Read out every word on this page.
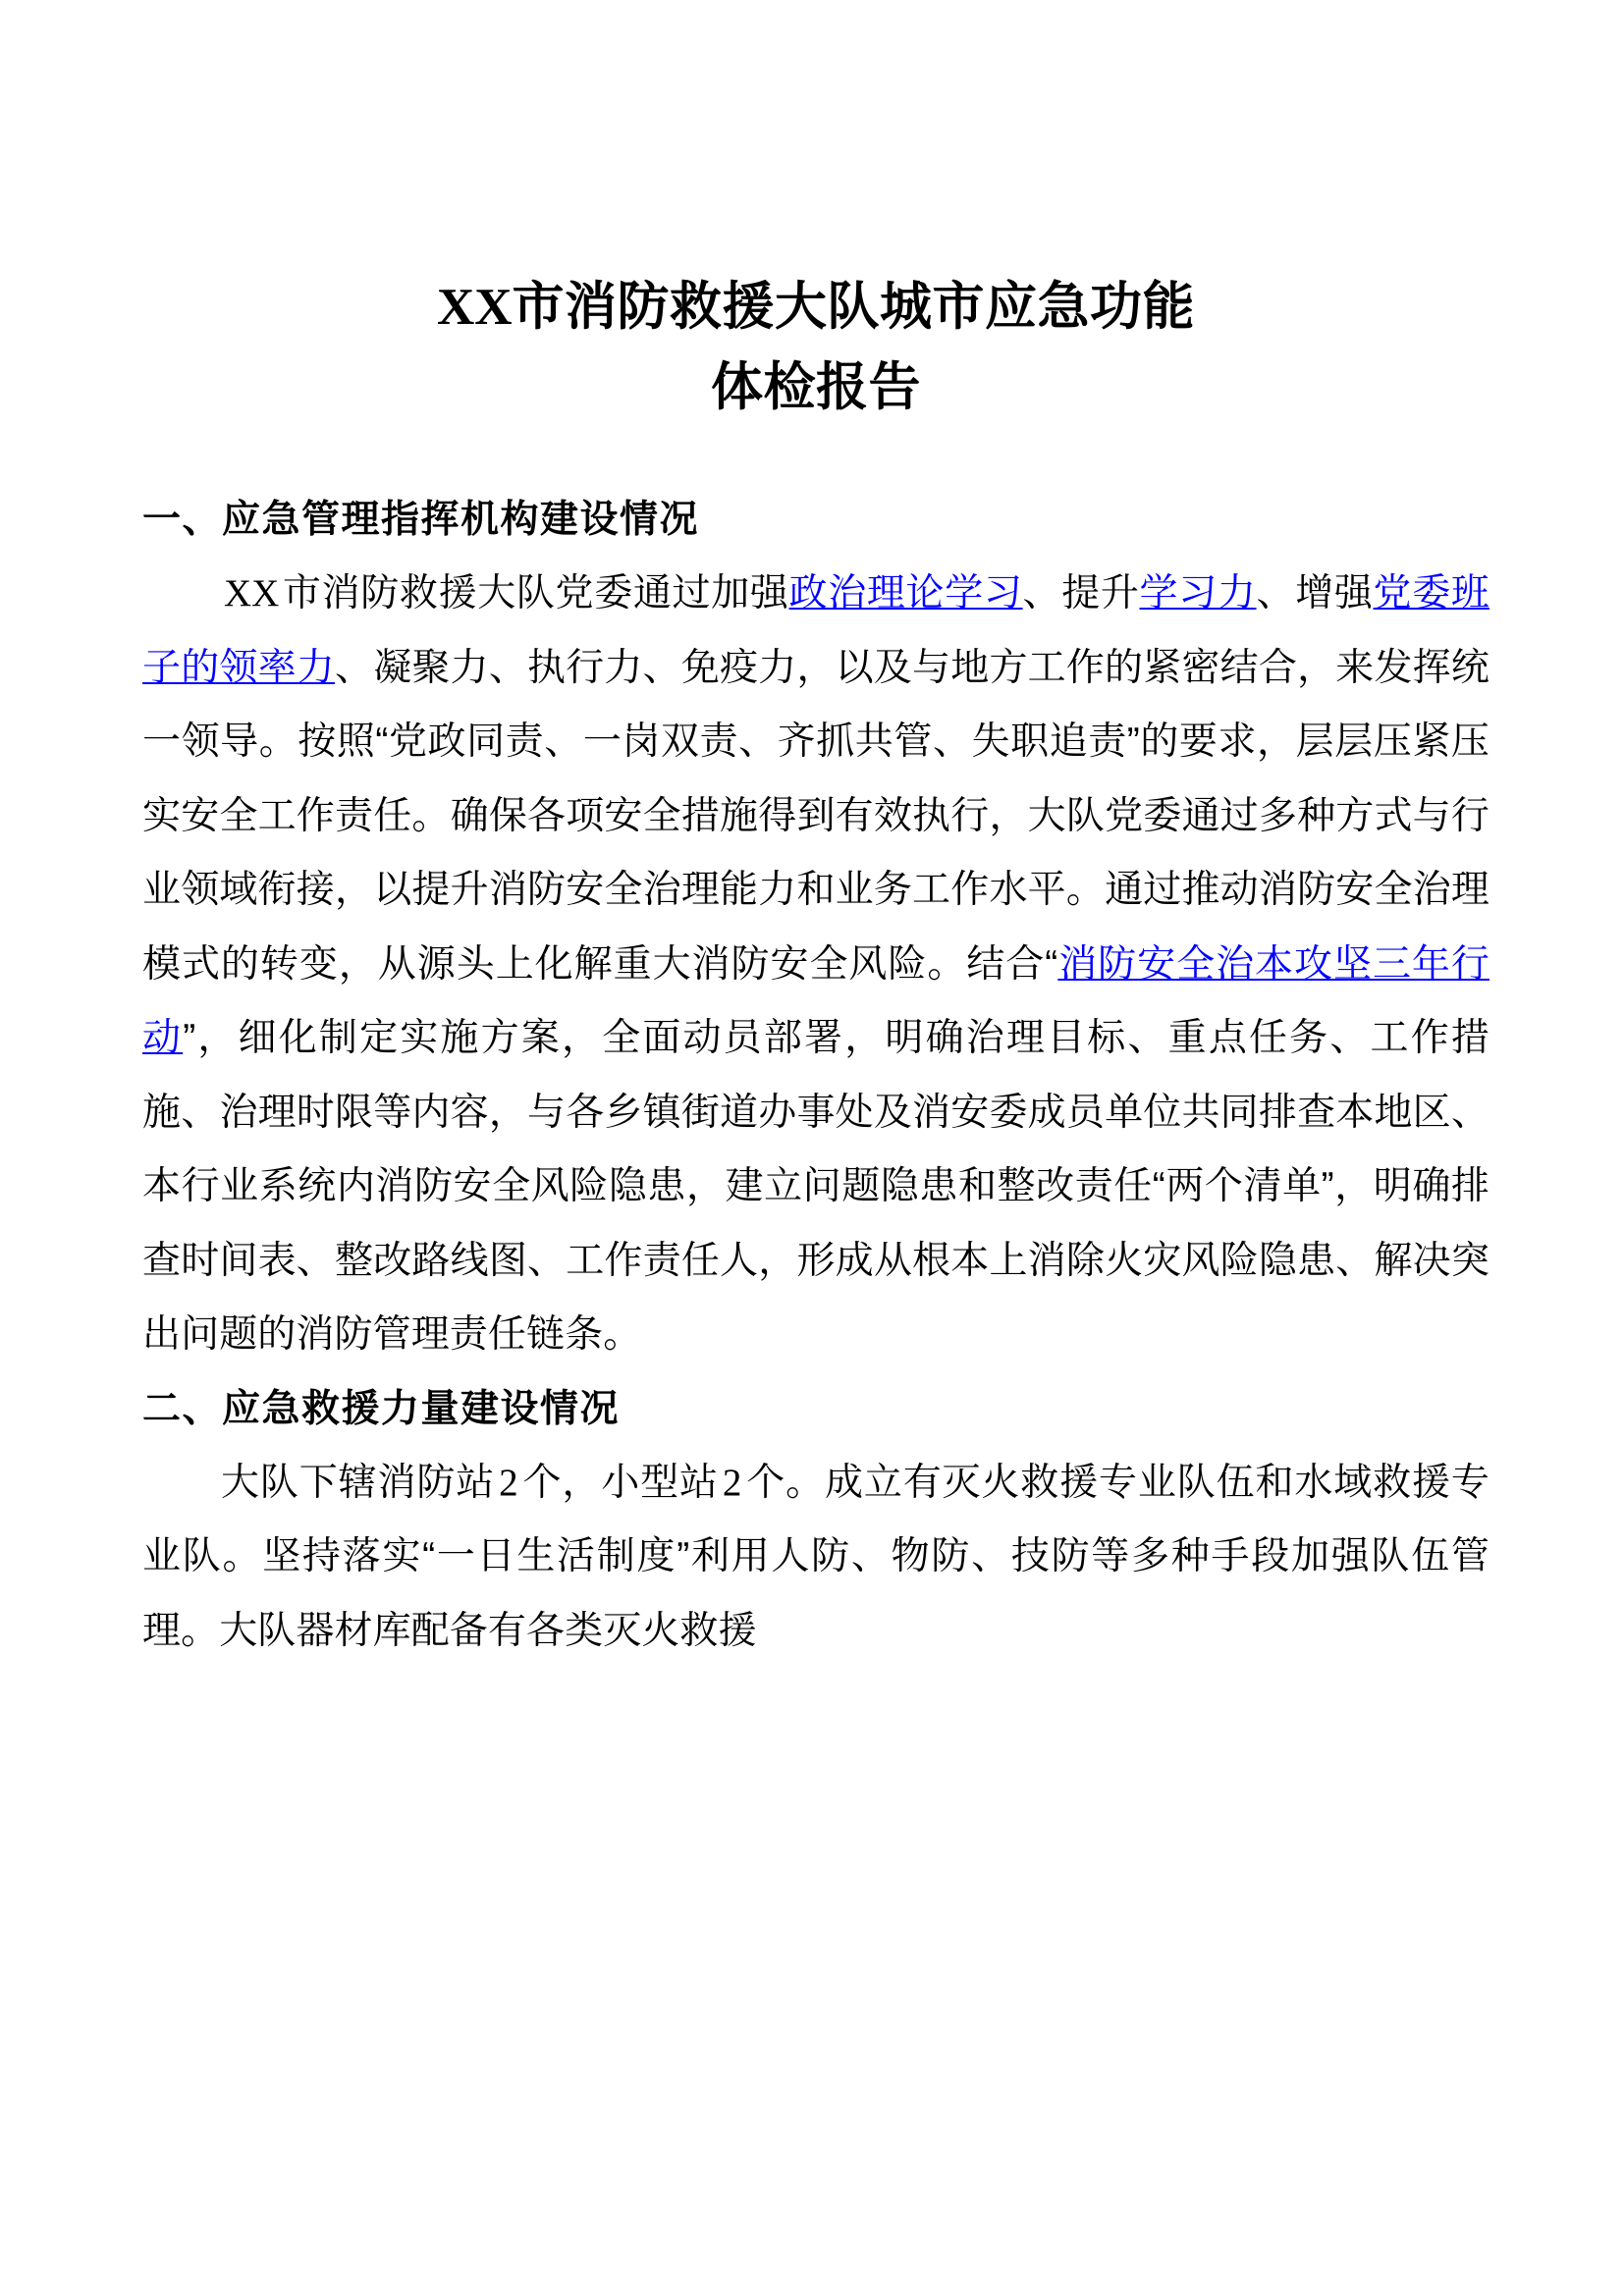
XX市消防救援大队城市应急功能
体检报告
一、应急管理指挥机构建设情况

XX市消防救援大队党委通过加强政治理论学习、提升学习力、增强党委班子的领率力、凝聚力、执行力、免疫力，以及与地方工作的紧密结合，来发挥统一领导。按照“党政同责、一岗双责、齐抓共管、失职追责”的要求，层层压紧压实安全工作责任。确保各项安全措施得到有效执行，大队党委通过多种方式与行业领域衔接，以提升消防安全治理能力和业务工作水平。通过推动消防安全治理模式的转变，从源头上化解重大消防安全风险。结合“消防安全治本攻坚三年行动”，细化制定实施方案，全面动员部署，明确治理目标、重点任务、工作措施、治理时限等内容，与各乡镇街道办事处及消安委成员单位共同排查本地区、本行业系统内消防安全风险隐患，建立问题隐患和整改责任“两个清单”，明确排查时间表、整改路线图、工作责任人，形成从根本上消除火灾风险隐患、解决突出问题的消防管理责任链条。

二、应急救援力量建设情况

大队下辖消防站 2 个，小型站 2 个。成立有灭火救援专业队伍和水域救援专业队。坚持落实“一日生活制度”利用人防、物防、技防等多种手段加强队伍管理。大队器材库配备有各类灭火救援
